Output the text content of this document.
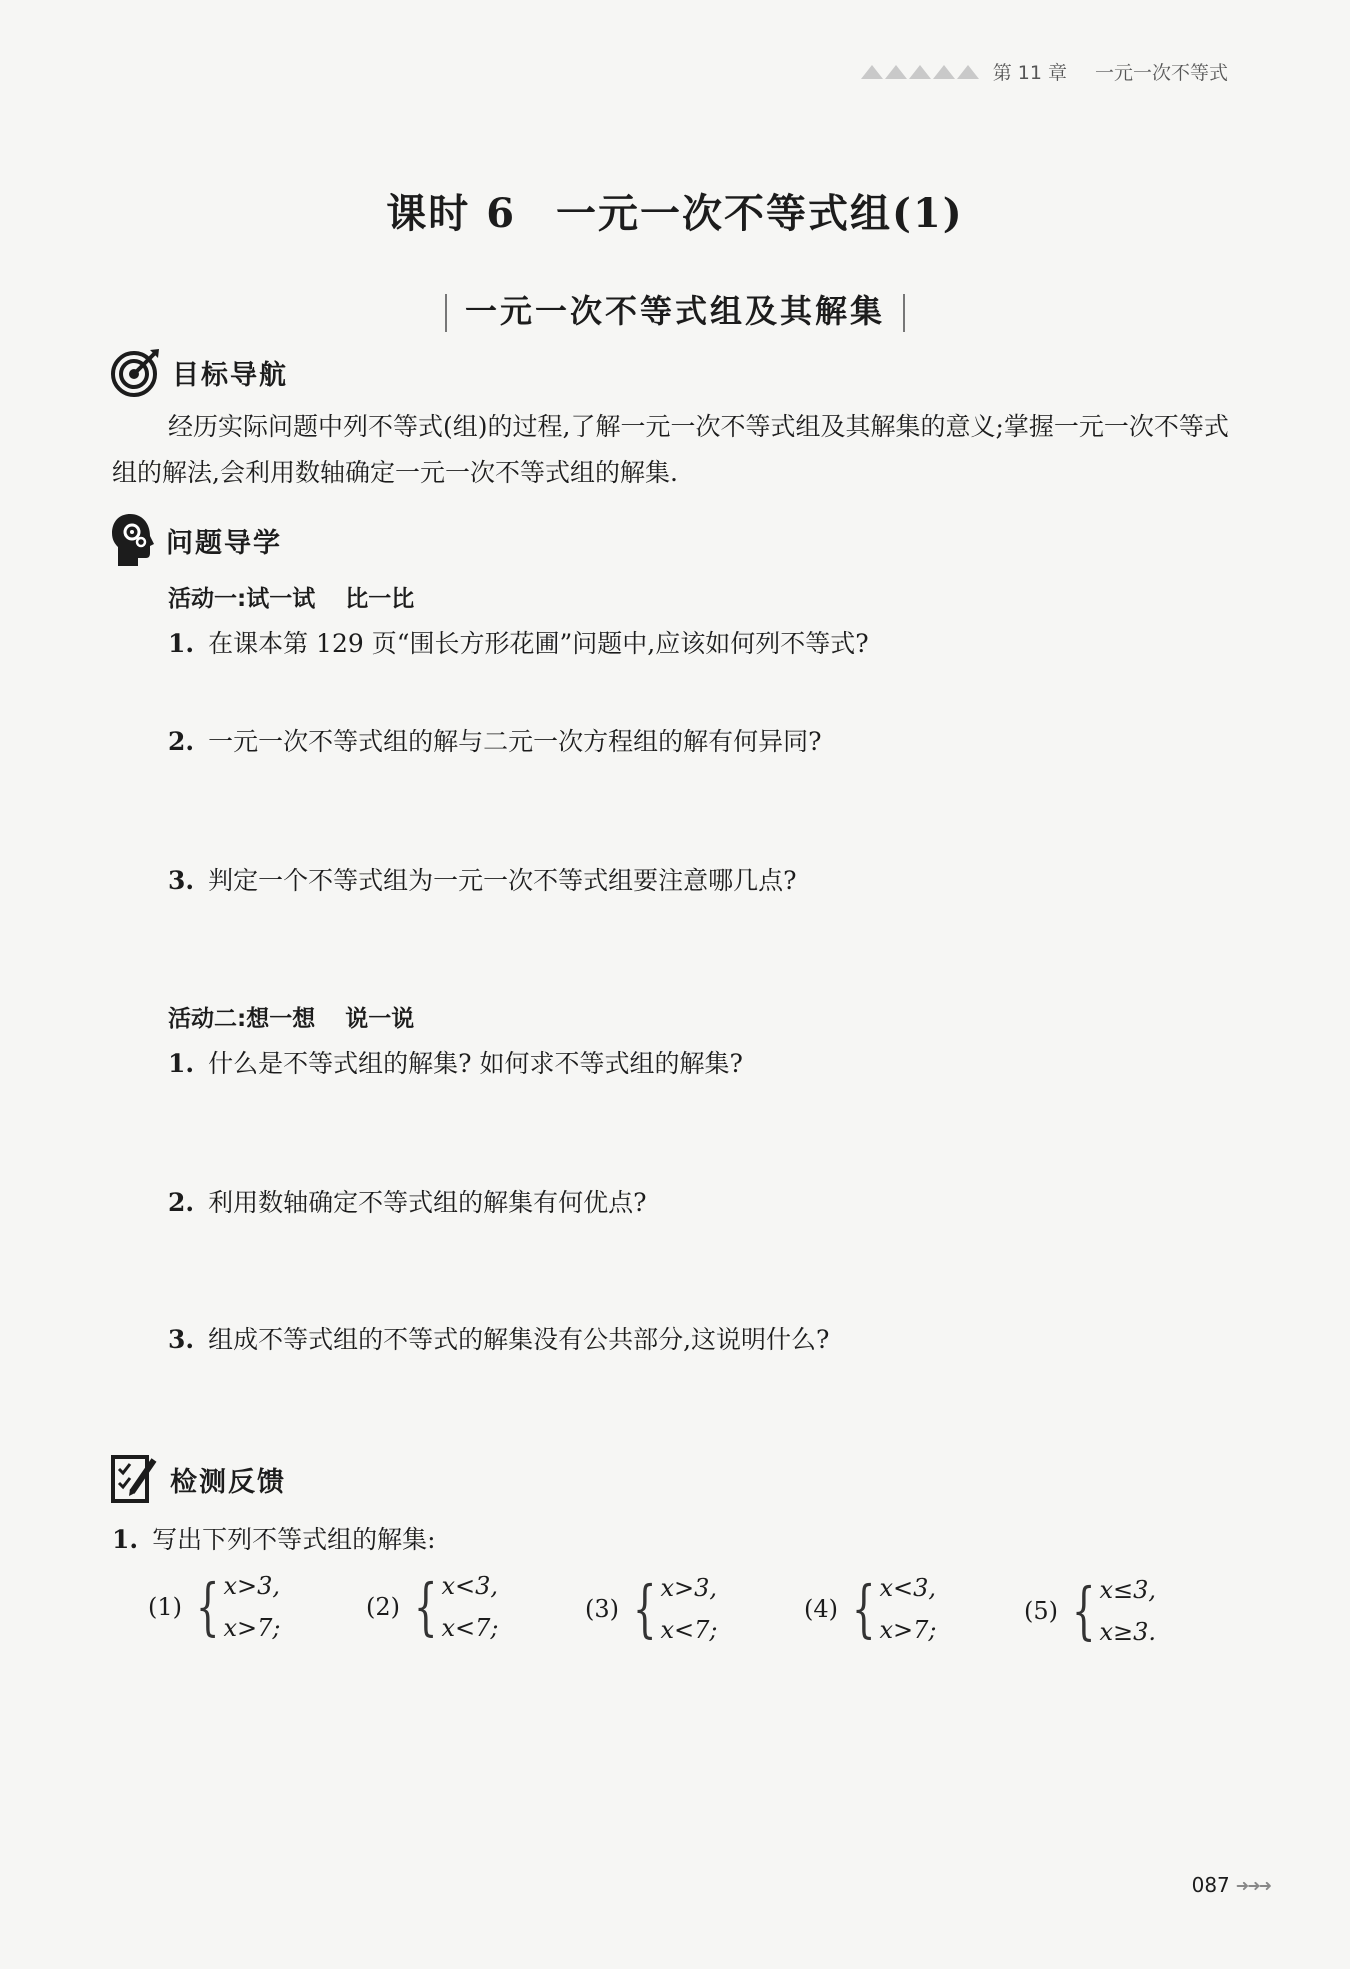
第 11 章 一元一次不等式
课时 6 一元一次不等式组(1)
一元一次不等式组及其解集
目标导航
经历实际问题中列不等式(组)的过程,了解一元一次不等式组及其解集的意义;掌握一元一次不等式组的解法,会利用数轴确定一元一次不等式组的解集.
问题导学
活动一:试一试 比一比
1. 在课本第 129 页“围长方形花圃”问题中,应该如何列不等式?
2. 一元一次不等式组的解与二元一次方程组的解有何异同?
3. 判定一个不等式组为一元一次不等式组要注意哪几点?
活动二:想一想 说一说
1. 什么是不等式组的解集? 如何求不等式组的解集?
2. 利用数轴确定不等式组的解集有何优点?
3. 组成不等式组的不等式的解集没有公共部分,这说明什么?
检测反馈
1. 写出下列不等式组的解集:
(1) { x>3,
x>7;
(2) { x<3,
x<7;
(3) { x>3,
x<7;
(4) { x<3,
x>7;
(5) { x≤3,
x≥3.
087 ➜➜➜
